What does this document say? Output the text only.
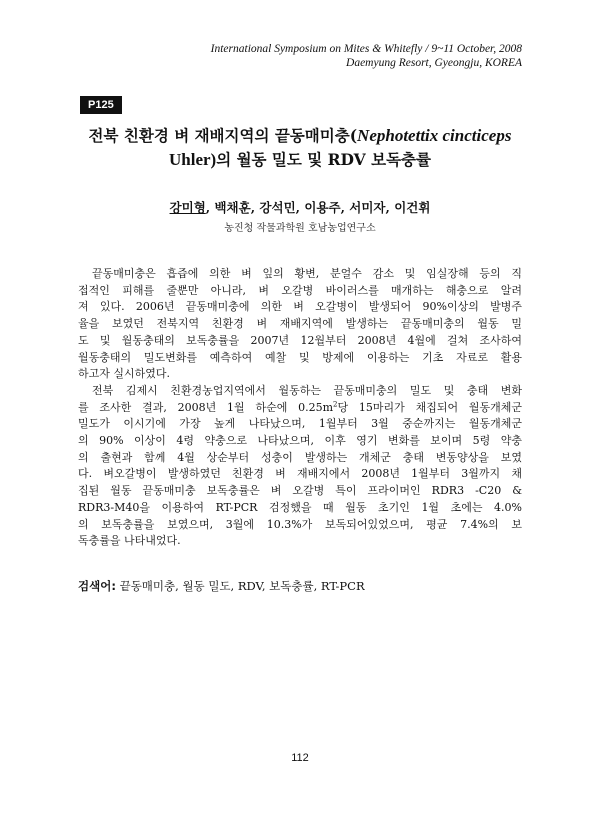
International Symposium on Mites & Whitefly / 9~11 October, 2008
Daemyung Resort, Gyeongju, KOREA
P125
전북 친환경 벼 재배지역의 끝동매미충(Nephotettix cincticeps
Uhler)의 월동 밀도 및 RDV 보독충률
강미형, 백채훈, 강석민, 이용주, 서미자, 이건휘
농진청 작물과학원 호남농업연구소

끝동매미충은 흡즙에 의한 벼 잎의 황변, 분얼수 감소 및 임실장해 등의 직
접적인 피해를 줄뿐만 아니라, 벼 오갈병 바이러스를 매개하는 해충으로 알려
져 있다. 2006년 끝동매미충에 의한 벼 오갈병이 발생되어 90%이상의 발병주
율을 보였던 전북지역 친환경 벼 재배지역에 발생하는 끝동매미충의 월동 밀
도 및 월동충태의 보독충률을 2007년 12월부터 2008년 4월에 걸쳐 조사하여
월동충태의 밀도변화를 예측하여 예찰 및 방제에 이용하는 기초 자료로 활용
하고자 실시하였다.

전북 김제시 친환경농업지역에서 월동하는 끝동매미충의 밀도 및 충태 변화
를 조사한 결과, 2008년 1월 하순에 $0.25m^2$당 15마리가 채집되어 월동개체군
밀도가 이시기에 가장 높게 나타났으며, 1월부터 3월 중순까지는 월동개체군
의 90% 이상이 4령 약충으로 나타났으며, 이후 영기 변화를 보이며 5령 약충
의 출현과 함께 4월 상순부터 성충이 발생하는 개체군 충태 변동양상을 보였
다. 벼오갈병이 발생하였던 친환경 벼 재배지에서 2008년 1월부터 3월까지 채
집된 월동 끝동매미충 보독충률은 벼 오갈병 특이 프라이머인 RDR3 -C20 &
RDR3-M40을 이용하여 RT-PCR 검정했을 때 월동 초기인 1월 초에는 4.0%
의 보독충률을 보였으며, 3월에 10.3%가 보독되어있었으며, 평균 7.4%의 보
독충률을 나타내었다.

검색어: 끝동매미충, 월동 밀도, RDV, 보독충률, RT-PCR
112
